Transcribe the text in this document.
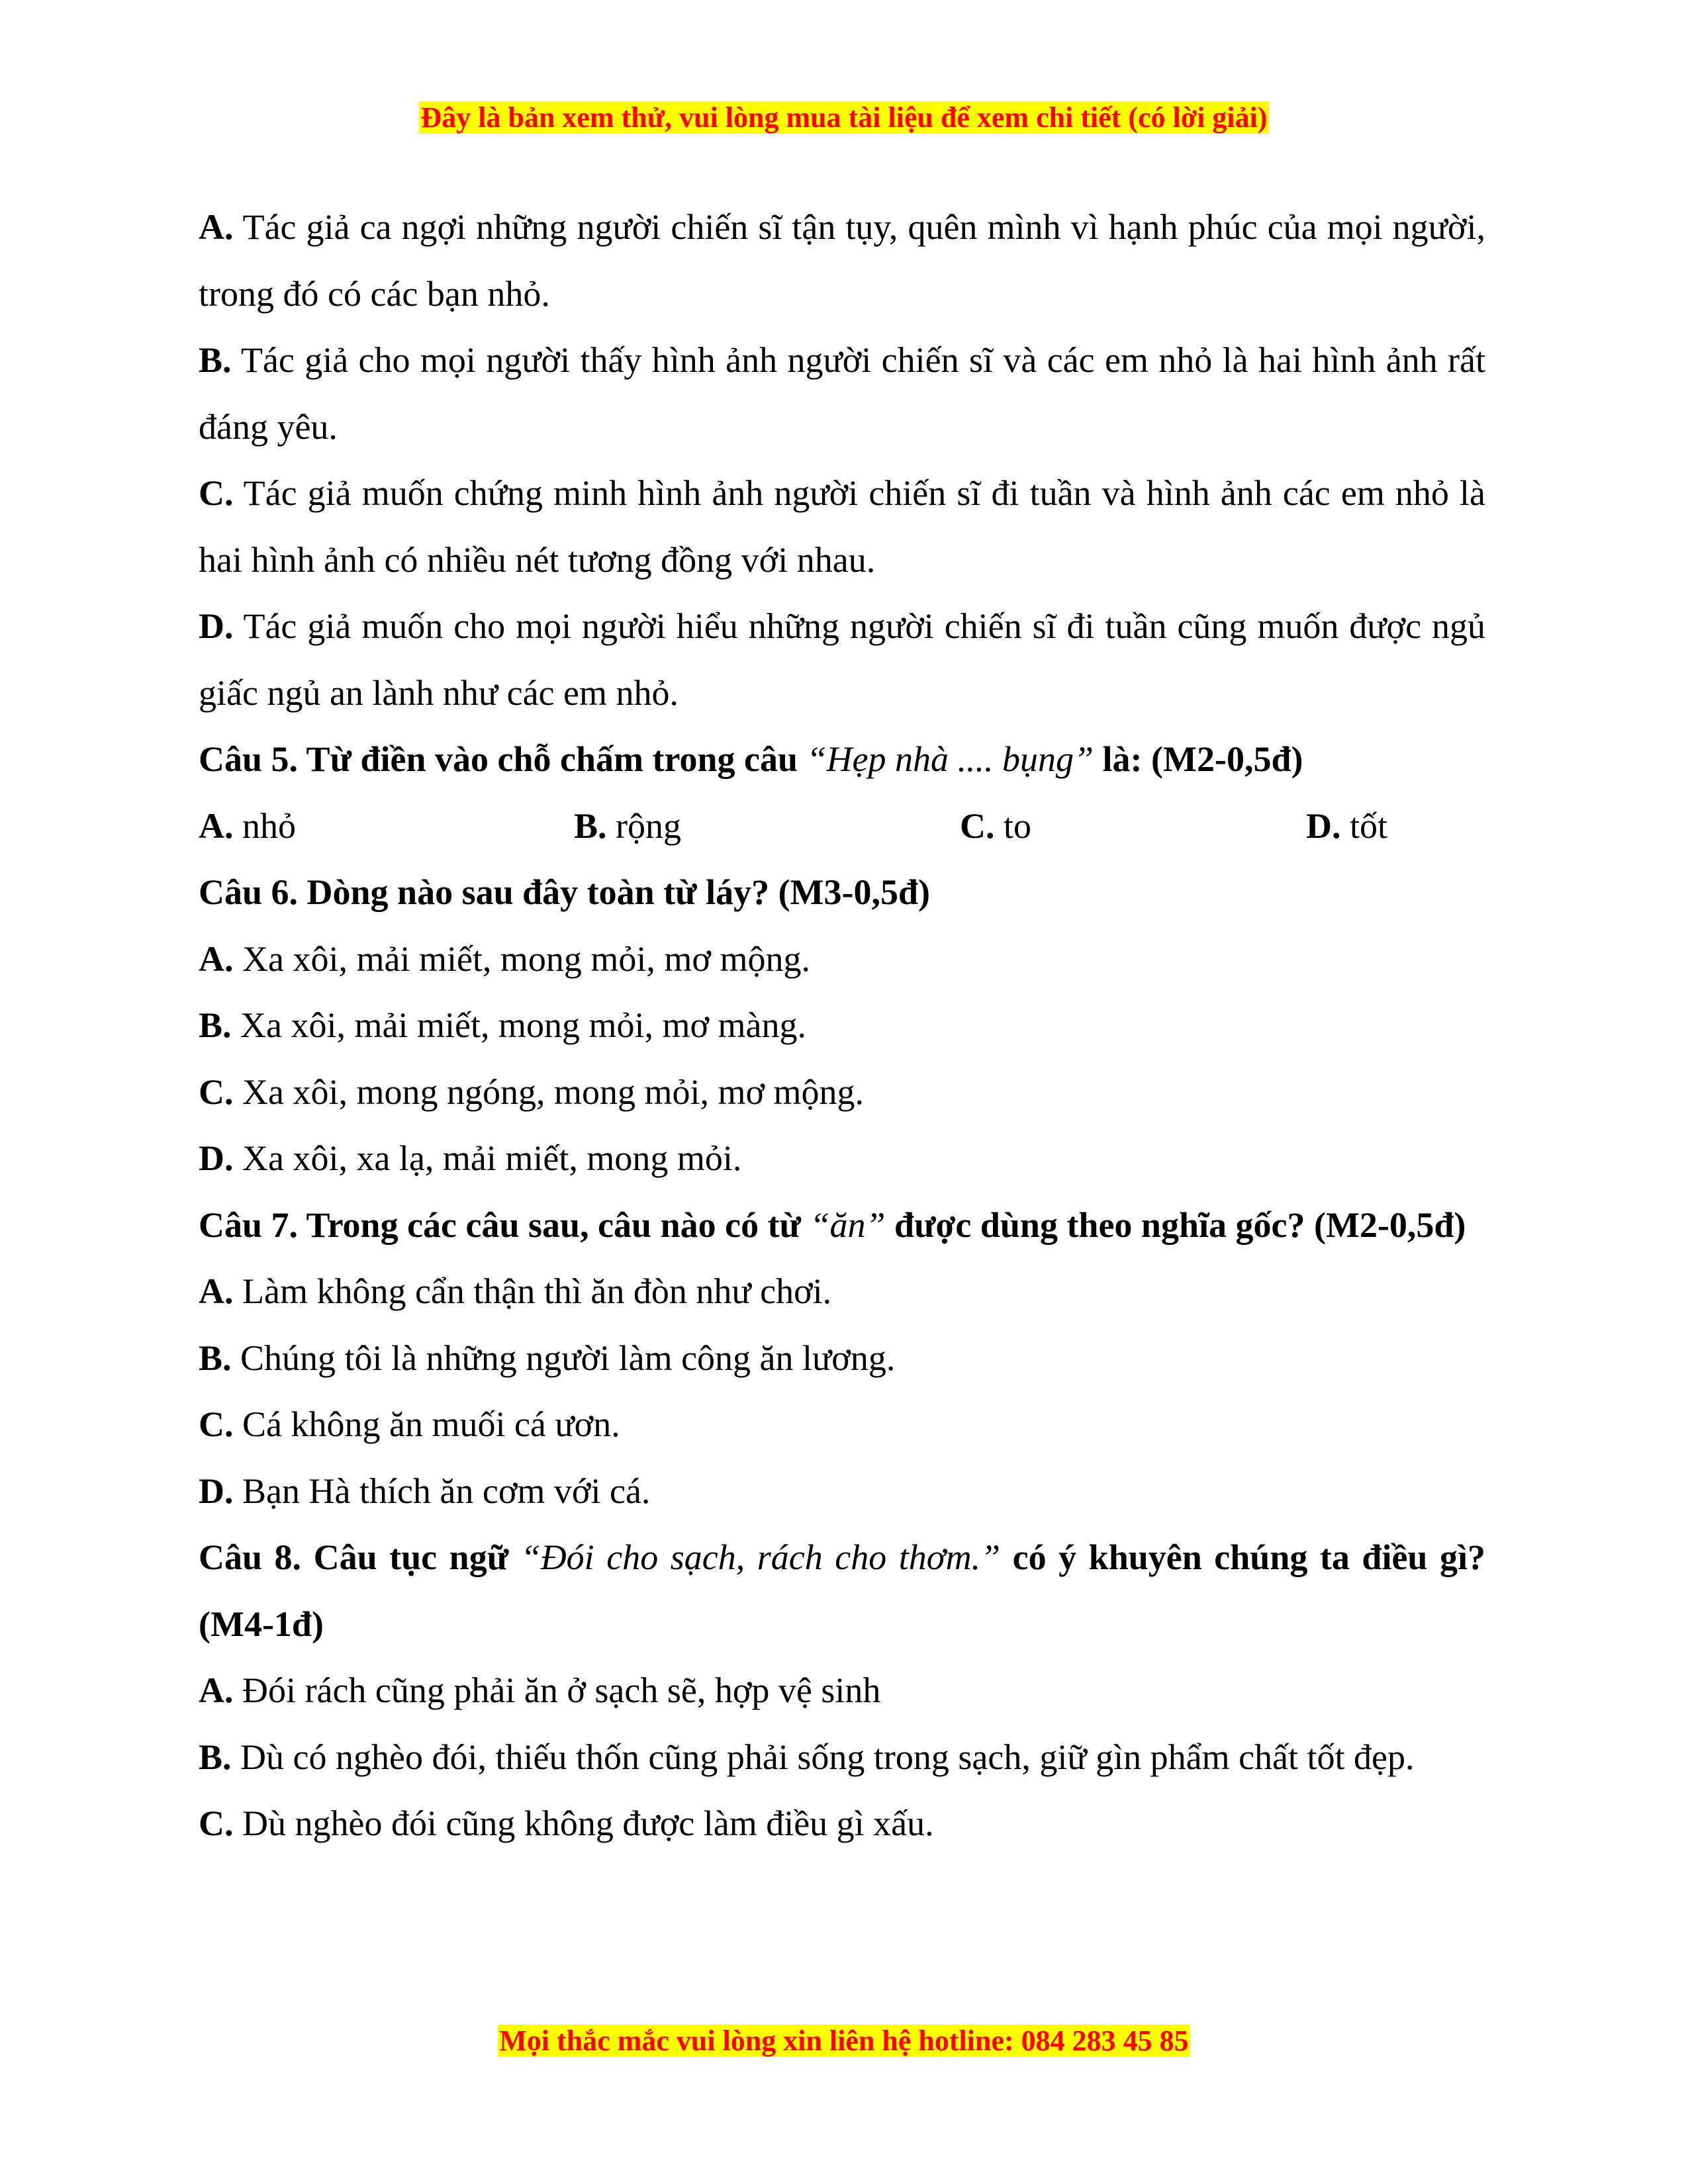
Đây là bản xem thử, vui lòng mua tài liệu để xem chi tiết (có lời giải)

A. Tác giả ca ngợi những người chiến sĩ tận tụy, quên mình vì hạnh phúc của mọi người, trong đó có các bạn nhỏ.

B. Tác giả cho mọi người thấy hình ảnh người chiến sĩ và các em nhỏ là hai hình ảnh rất đáng yêu.

C. Tác giả muốn chứng minh hình ảnh người chiến sĩ đi tuần và hình ảnh các em nhỏ là hai hình ảnh có nhiều nét tương đồng với nhau.

D. Tác giả muốn cho mọi người hiểu những người chiến sĩ đi tuần cũng muốn được ngủ giấc ngủ an lành như các em nhỏ.

Câu 5. Từ điền vào chỗ chấm trong câu “Hẹp nhà .... bụng” là: (M2-0,5đ)

A. nhỏ	B. rộng	C. to	D. tốt

Câu 6. Dòng nào sau đây toàn từ láy? (M3-0,5đ)

A. Xa xôi, mải miết, mong mỏi, mơ mộng.

B. Xa xôi, mải miết, mong mỏi, mơ màng.

C. Xa xôi, mong ngóng, mong mỏi, mơ mộng.

D. Xa xôi, xa lạ, mải miết, mong mỏi.

Câu 7. Trong các câu sau, câu nào có từ “ăn” được dùng theo nghĩa gốc? (M2-0,5đ)

A. Làm không cẩn thận thì ăn đòn như chơi.

B. Chúng tôi là những người làm công ăn lương.

C. Cá không ăn muối cá ươn.

D. Bạn Hà thích ăn cơm với cá.

Câu 8. Câu tục ngữ “Đói cho sạch, rách cho thơm.” có ý khuyên chúng ta điều gì? (M4-1đ)

A. Đói rách cũng phải ăn ở sạch sẽ, hợp vệ sinh

B. Dù có nghèo đói, thiếu thốn cũng phải sống trong sạch, giữ gìn phẩm chất tốt đẹp.

C. Dù nghèo đói cũng không được làm điều gì xấu.

Mọi thắc mắc vui lòng xin liên hệ hotline: 084 283 45 85
